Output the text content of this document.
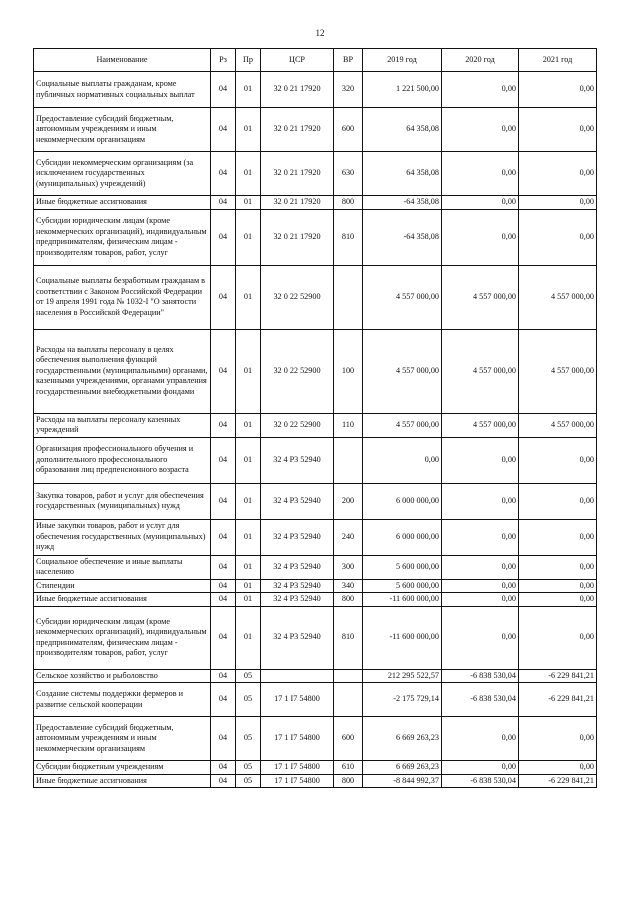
12
Наименование	Рз	Пр	ЦСР	ВР	2019 год	2020 год	2021 год
Социальные выплаты гражданам, кроме публичных нормативных социальных выплат	04	01	32 0 21 17920	320	1 221 500,00	0,00	0,00
Предоставление субсидий бюджетным, автономным учреждениям и иным некоммерческим организациям	04	01	32 0 21 17920	600	64 358,08	0,00	0,00
Субсидии некоммерческим организациям (за исключением государственных (муниципальных) учреждений)	04	01	32 0 21 17920	630	64 358,08	0,00	0,00
Иные бюджетные ассигнования	04	01	32 0 21 17920	800	-64 358,08	0,00	0,00
Субсидии юридическим лицам (кроме некоммерческих организаций), индивидуальным предпринимателям, физическим лицам - производителям товаров, работ, услуг	04	01	32 0 21 17920	810	-64 358,08	0,00	0,00
Социальные выплаты безработным гражданам в соответствии с Законом Российской Федерации от 19 апреля 1991 года № 1032-I "О занятости населения в Российской Федерации"	04	01	32 0 22 52900		4 557 000,00	4 557 000,00	4 557 000,00
Расходы на выплаты персоналу в целях обеспечения выполнения функций государственными (муниципальными) органами, казенными учреждениями, органами управления государственными внебюджетными фондами	04	01	32 0 22 52900	100	4 557 000,00	4 557 000,00	4 557 000,00
Расходы на выплаты персоналу казенных учреждений	04	01	32 0 22 52900	110	4 557 000,00	4 557 000,00	4 557 000,00
Организация профессионального обучения и дополнительного профессионального образования лиц предпенсионного возраста	04	01	32 4 P3 52940		0,00	0,00	0,00
Закупка товаров, работ и услуг для обеспечения государственных (муниципальных) нужд	04	01	32 4 P3 52940	200	6 000 000,00	0,00	0,00
Иные закупки товаров, работ и услуг для обеспечения государственных (муниципальных) нужд	04	01	32 4 P3 52940	240	6 000 000,00	0,00	0,00
Социальное обеспечение и иные выплаты населению	04	01	32 4 P3 52940	300	5 600 000,00	0,00	0,00
Стипендии	04	01	32 4 P3 52940	340	5 600 000,00	0,00	0,00
Иные бюджетные ассигнования	04	01	32 4 P3 52940	800	-11 600 000,00	0,00	0,00
Субсидии юридическим лицам (кроме некоммерческих организаций), индивидуальным предпринимателям, физическим лицам - производителям товаров, работ, услуг	04	01	32 4 P3 52940	810	-11 600 000,00	0,00	0,00
Сельское хозяйство и рыболовство	04	05			212 295 522,57	-6 838 530,04	-6 229 841,21
Создание системы поддержки фермеров и развитие сельской кооперации	04	05	17 1 I7 54800		-2 175 729,14	-6 838 530,04	-6 229 841,21
Предоставление субсидий бюджетным, автономным учреждениям и иным некоммерческим организациям	04	05	17 1 I7 54800	600	6 669 263,23	0,00	0,00
Субсидии бюджетным учреждениям	04	05	17 1 I7 54800	610	6 669 263,23	0,00	0,00
Иные бюджетные ассигнования	04	05	17 1 I7 54800	800	-8 844 992,37	-6 838 530,04	-6 229 841,21
